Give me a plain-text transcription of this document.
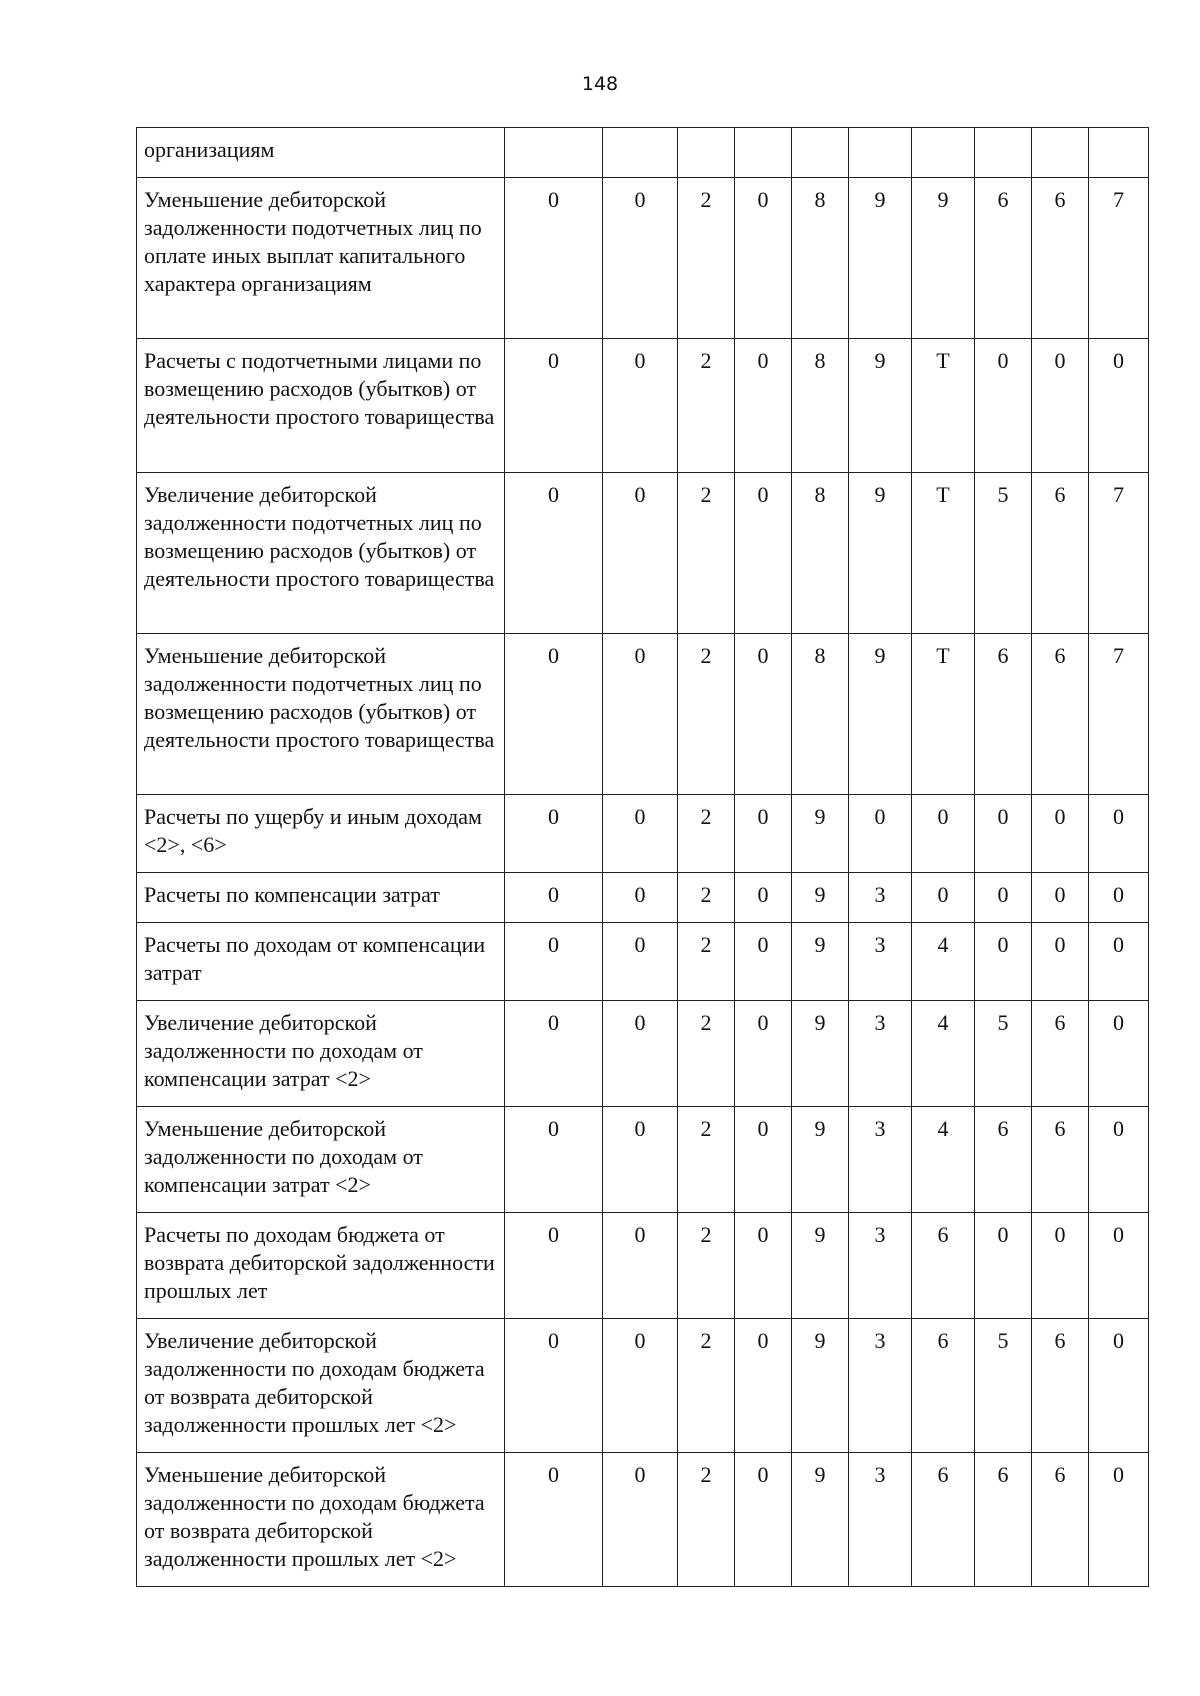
148
организациям										
Уменьшение дебиторской задолженности подотчетных лиц по оплате иных выплат капитального характера организациям	0	0	2	0	8	9	9	6	6	7
Расчеты с подотчетными лицами по возмещению расходов (убытков) от деятельности простого товарищества	0	0	2	0	8	9	Т	0	0	0
Увеличение дебиторской задолженности подотчетных лиц по возмещению расходов (убытков) от деятельности простого товарищества	0	0	2	0	8	9	Т	5	6	7
Уменьшение дебиторской задолженности подотчетных лиц по возмещению расходов (убытков) от деятельности простого товарищества	0	0	2	0	8	9	Т	6	6	7
Расчеты по ущербу и иным доходам <2>, <6>	0	0	2	0	9	0	0	0	0	0
Расчеты по компенсации затрат	0	0	2	0	9	3	0	0	0	0
Расчеты по доходам от компенсации затрат	0	0	2	0	9	3	4	0	0	0
Увеличение дебиторской задолженности по доходам от компенсации затрат <2>	0	0	2	0	9	3	4	5	6	0
Уменьшение дебиторской задолженности по доходам от компенсации затрат <2>	0	0	2	0	9	3	4	6	6	0
Расчеты по доходам бюджета от возврата дебиторской задолженности прошлых лет	0	0	2	0	9	3	6	0	0	0
Увеличение дебиторской задолженности по доходам бюджета от возврата дебиторской задолженности прошлых лет <2>	0	0	2	0	9	3	6	5	6	0
Уменьшение дебиторской задолженности по доходам бюджета от возврата дебиторской задолженности прошлых лет <2>	0	0	2	0	9	3	6	6	6	0
